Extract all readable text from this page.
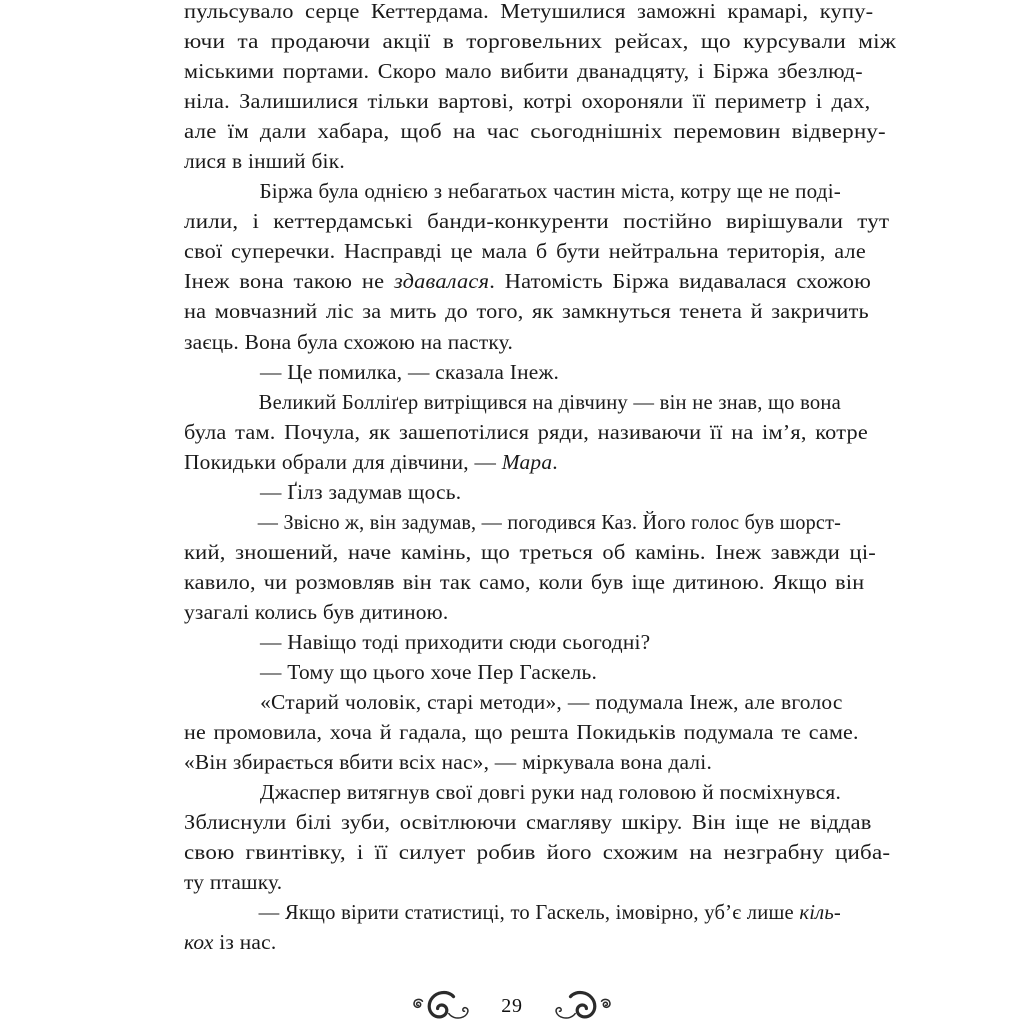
пульсувало серце Кеттердама. Метушилися заможні крамарі, купу-
ючи та продаючи акції в торговельних рейсах, що курсували між
міськими портами. Скоро мало вибити дванадцяту, і Біржа збезлюд-
ніла. Залишилися тільки вартові, котрі охороняли її периметр і дах,
але їм дали хабара, щоб на час сьогоднішніх перемовин відверну-
лися в інший бік.

Біржа була однією з небагатьох частин міста, котру ще не поді-
лили, і кеттердамські банди-конкуренти постійно вирішували тут
свої суперечки. Насправді це мала б бути нейтральна територія, але
Інеж вона такою не здавалася. Натомість Біржа видавалася схожою
на мовчазний ліс за мить до того, як замкнуться тенета й закричить
заєць. Вона була схожою на пастку.

— Це помилка, — сказала Інеж.

Великий Болліґер витріщився на дівчину — він не знав, що вона
була там. Почула, як зашепотілися ряди, називаючи її на ім’я, котре
Покидьки обрали для дівчини, — Мара.

— Ґілз задумав щось.

— Звісно ж, він задумав, — погодився Каз. Його голос був шорст-
кий, зношений, наче камінь, що треться об камінь. Інеж завжди ці-
кавило, чи розмовляв він так само, коли був іще дитиною. Якщо він
узагалі колись був дитиною.

— Навіщо тоді приходити сюди сьогодні?

— Тому що цього хоче Пер Гаскель.

«Старий чоловік, старі методи», — подумала Інеж, але вголос
не промовила, хоча й гадала, що решта Покидьків подумала те саме.
«Він збирається вбити всіх нас», — міркувала вона далі.

Джаспер витягнув свої довгі руки над головою й посміхнувся.
Зблиснули білі зуби, освітлюючи смагляву шкіру. Він іще не віддав
свою гвинтівку, і її силует робив його схожим на незграбну циба-
ту пташку.

— Якщо вірити статистиці, то Гаскель, імовірно, уб’є лише кіль-
кох із нас.

29
